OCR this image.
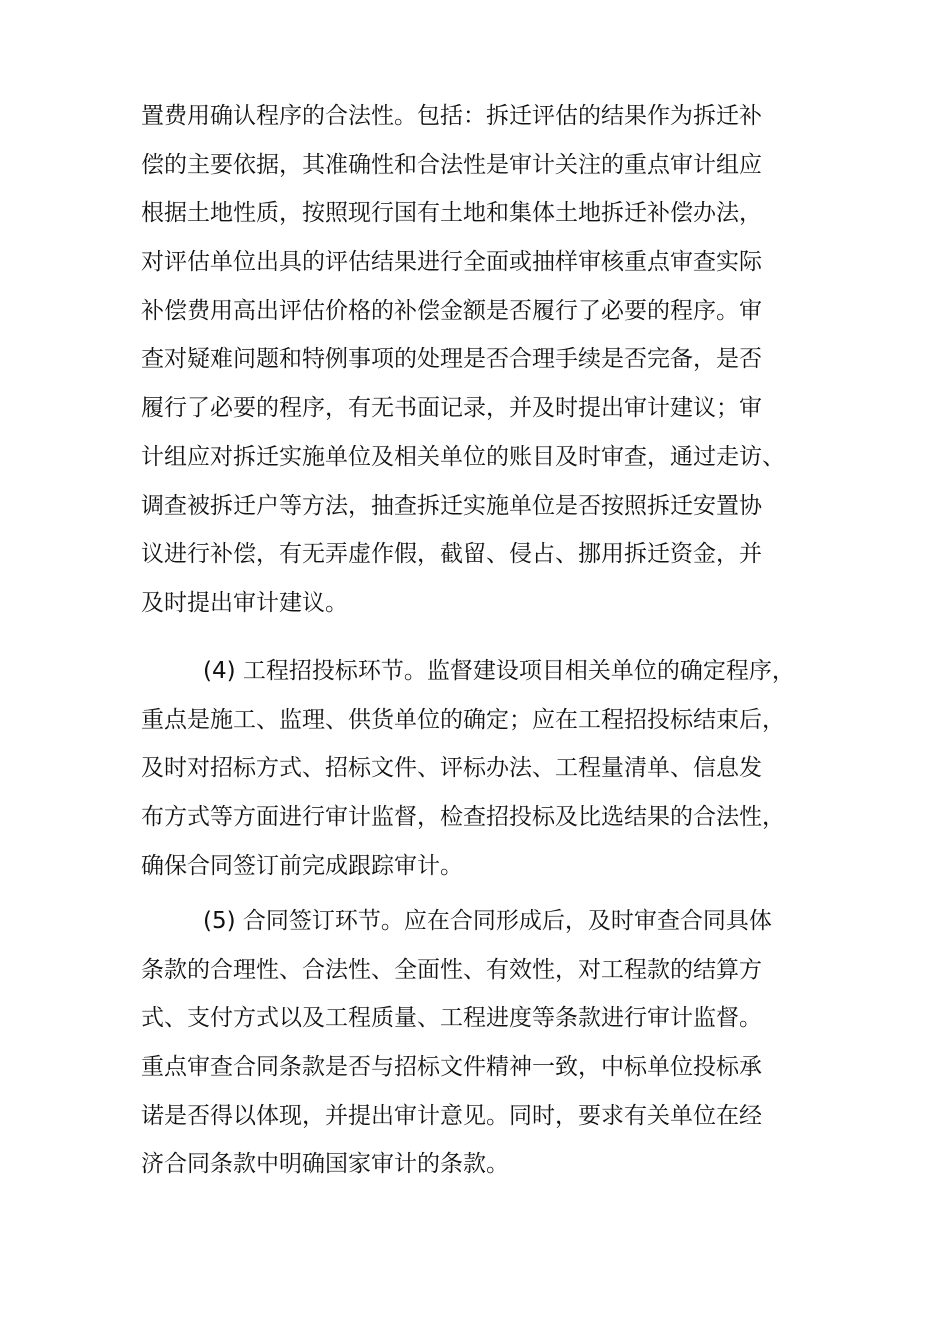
置费用确认程序的合法性。包括：拆迁评估的结果作为拆迁补
偿的主要依据，其准确性和合法性是审计关注的重点审计组应
根据土地性质，按照现行国有土地和集体土地拆迁补偿办法，
对评估单位出具的评估结果进行全面或抽样审核重点审查实际
补偿费用高出评估价格的补偿金额是否履行了必要的程序。审
查对疑难问题和特例事项的处理是否合理手续是否完备，是否
履行了必要的程序，有无书面记录，并及时提出审计建议；审
计组应对拆迁实施单位及相关单位的账目及时审查，通过走访、
调查被拆迁户等方法，抽查拆迁实施单位是否按照拆迁安置协
议进行补偿，有无弄虚作假，截留、侵占、挪用拆迁资金，并
及时提出审计建议。
(4) 工程招投标环节。监督建设项目相关单位的确定程序，
重点是施工、监理、供货单位的确定；应在工程招投标结束后，
及时对招标方式、招标文件、评标办法、工程量清单、信息发
布方式等方面进行审计监督，检查招投标及比选结果的合法性，
确保合同签订前完成跟踪审计。
(5) 合同签订环节。应在合同形成后，及时审查合同具体
条款的合理性、合法性、全面性、有效性，对工程款的结算方
式、支付方式以及工程质量、工程进度等条款进行审计监督。
重点审查合同条款是否与招标文件精神一致，中标单位投标承
诺是否得以体现，并提出审计意见。同时，要求有关单位在经
济合同条款中明确国家审计的条款。
